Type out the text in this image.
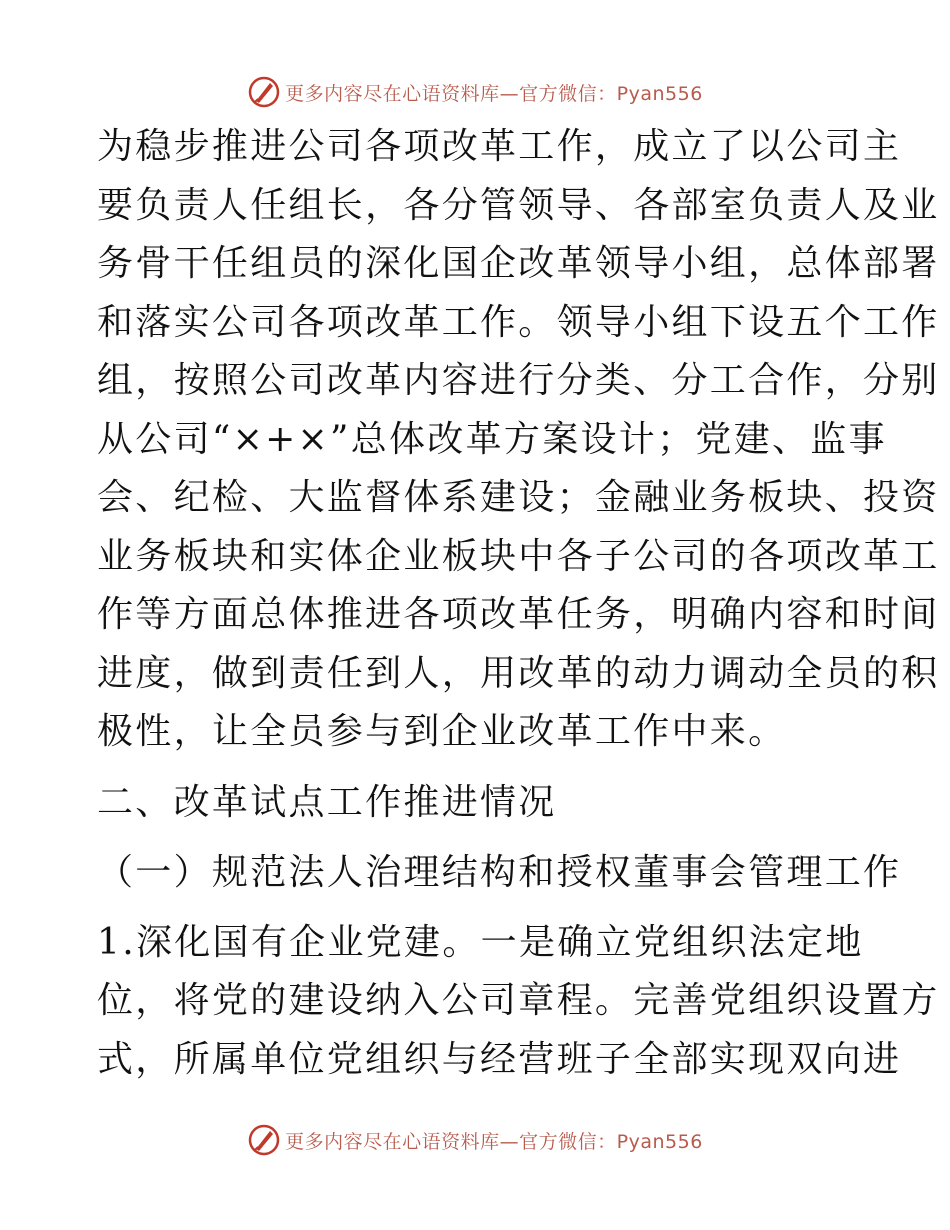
更多内容尽在心语资料库—官方微信：Pyan556
为稳步推进公司各项改革工作，成立了以公司主
要负责人任组长，各分管领导、各部室负责人及业
务骨干任组员的深化国企改革领导小组，总体部署
和落实公司各项改革工作。领导小组下设五个工作
组，按照公司改革内容进行分类、分工合作，分别
从公司“×+×”总体改革方案设计；党建、监事
会、纪检、大监督体系建设；金融业务板块、投资
业务板块和实体企业板块中各子公司的各项改革工
作等方面总体推进各项改革任务，明确内容和时间
进度，做到责任到人，用改革的动力调动全员的积
极性，让全员参与到企业改革工作中来。
二、改革试点工作推进情况
（一）规范法人治理结构和授权董事会管理工作
1.深化国有企业党建。一是确立党组织法定地
位，将党的建设纳入公司章程。完善党组织设置方
式，所属单位党组织与经营班子全部实现双向进
更多内容尽在心语资料库—官方微信：Pyan556
